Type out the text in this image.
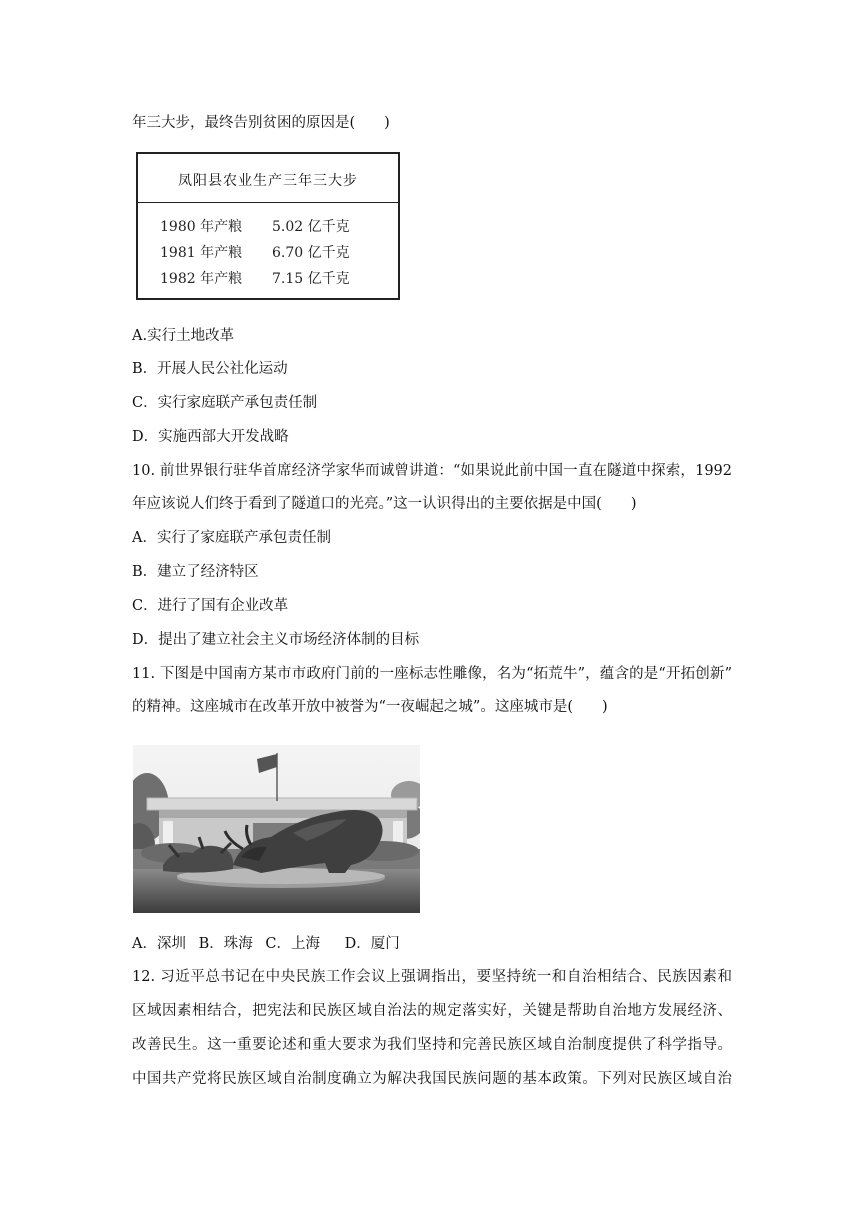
年三大步，最终告别贫困的原因是(　　)
凤阳县农业生产三年三大步
1980 年产粮 5.02 亿千克
1981 年产粮 6.70 亿千克
1982 年产粮 7.15 亿千克
A.实行土地改革
B．开展人民公社化运动
C．实行家庭联产承包责任制
D．实施西部大开发战略
10. 前世界银行驻华首席经济学家华而诚曾讲道：“如果说此前中国一直在隧道中探索，1992
年应该说人们终于看到了隧道口的光亮。”这一认识得出的主要依据是中国(　　)
A．实行了家庭联产承包责任制
B．建立了经济特区
C．进行了国有企业改革
D．提出了建立社会主义市场经济体制的目标
11. 下图是中国南方某市市政府门前的一座标志性雕像，名为“拓荒牛”，蕴含的是“开拓创新”
的精神。这座城市在改革开放中被誉为“一夜崛起之城”。这座城市是(　　)
A．深圳 B．珠海 C．上海 D．厦门
12. 习近平总书记在中央民族工作会议上强调指出，要坚持统一和自治相结合、民族因素和
区域因素相结合，把宪法和民族区域自治法的规定落实好，关键是帮助自治地方发展经济、
改善民生。这一重要论述和重大要求为我们坚持和完善民族区域自治制度提供了科学指导。
中国共产党将民族区域自治制度确立为解决我国民族问题的基本政策。下列对民族区域自治
